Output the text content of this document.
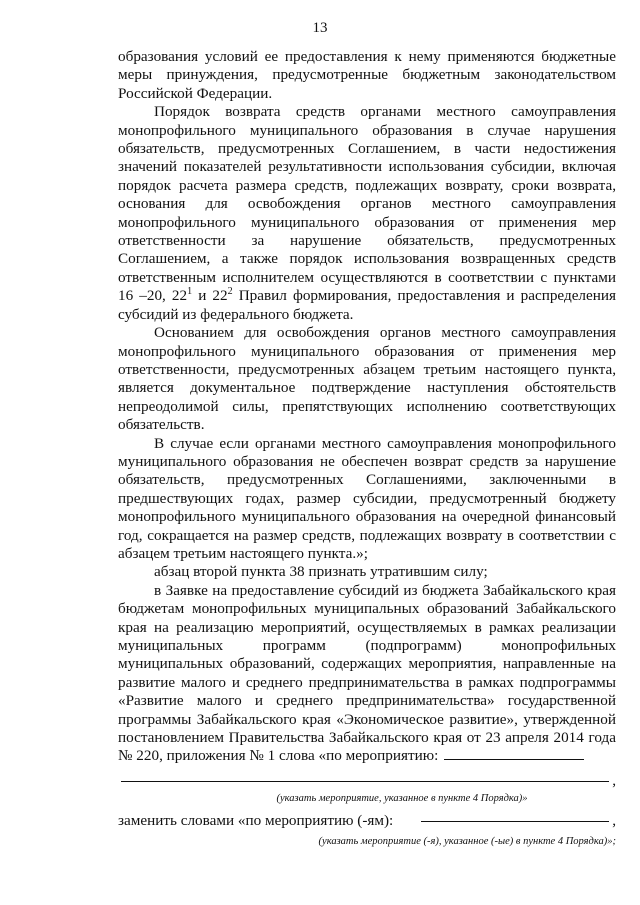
13

образования условий ее предоставления к нему применяются бюджетные меры принуждения, предусмотренные бюджетным законодательством Российской Федерации.

Порядок возврата средств органами местного самоуправления монопрофильного муниципального образования в случае нарушения обязательств, предусмотренных Соглашением, в части недостижения значений показателей результативности использования субсидии, включая порядок расчета размера средств, подлежащих возврату, сроки возврата, основания для освобождения органов местного самоуправления монопрофильного муниципального образования от применения мер ответственности за нарушение обязательств, предусмотренных Соглашением, а также порядок использования возвращенных средств ответственным исполнителем осуществляются в соответствии с пунктами 16 –20, $22^1$ и $22^2$ Правил формирования, предоставления и распределения субсидий из федерального бюджета.

Основанием для освобождения органов местного самоуправления монопрофильного муниципального образования от применения мер ответственности, предусмотренных абзацем третьим настоящего пункта, является документальное подтверждение наступления обстоятельств непреодолимой силы, препятствующих исполнению соответствующих обязательств.

В случае если органами местного самоуправления монопрофильного муниципального образования не обеспечен возврат средств за нарушение обязательств, предусмотренных Соглашениями, заключенными в предшествующих годах, размер субсидии, предусмотренный бюджету монопрофильного муниципального образования на очередной финансовый год, сокращается на размер средств, подлежащих возврату в соответствии с абзацем третьим настоящего пункта.»;

абзац второй пункта 38 признать утратившим силу;

в Заявке на предоставление субсидий из бюджета Забайкальского края бюджетам монопрофильных муниципальных образований Забайкальского края на реализацию мероприятий, осуществляемых в рамках реализации муниципальных программ (подпрограмм) монопрофильных муниципальных образований, содержащих мероприятия, направленные на развитие малого и среднего предпринимательства в рамках подпрограммы «Развитие малого и среднего предпринимательства» государственной программы Забайкальского края «Экономическое развитие», утвержденной постановлением Правительства Забайкальского края от 23 апреля 2014 года № 220, приложения № 1 слова «по мероприятию:

,
(указать мероприятие, указанное в пункте 4 Порядка)»
заменить словами «по мероприятию (-ям):	,
(указать мероприятие (-я), указанное (-ые) в пункте 4 Порядка)»;
